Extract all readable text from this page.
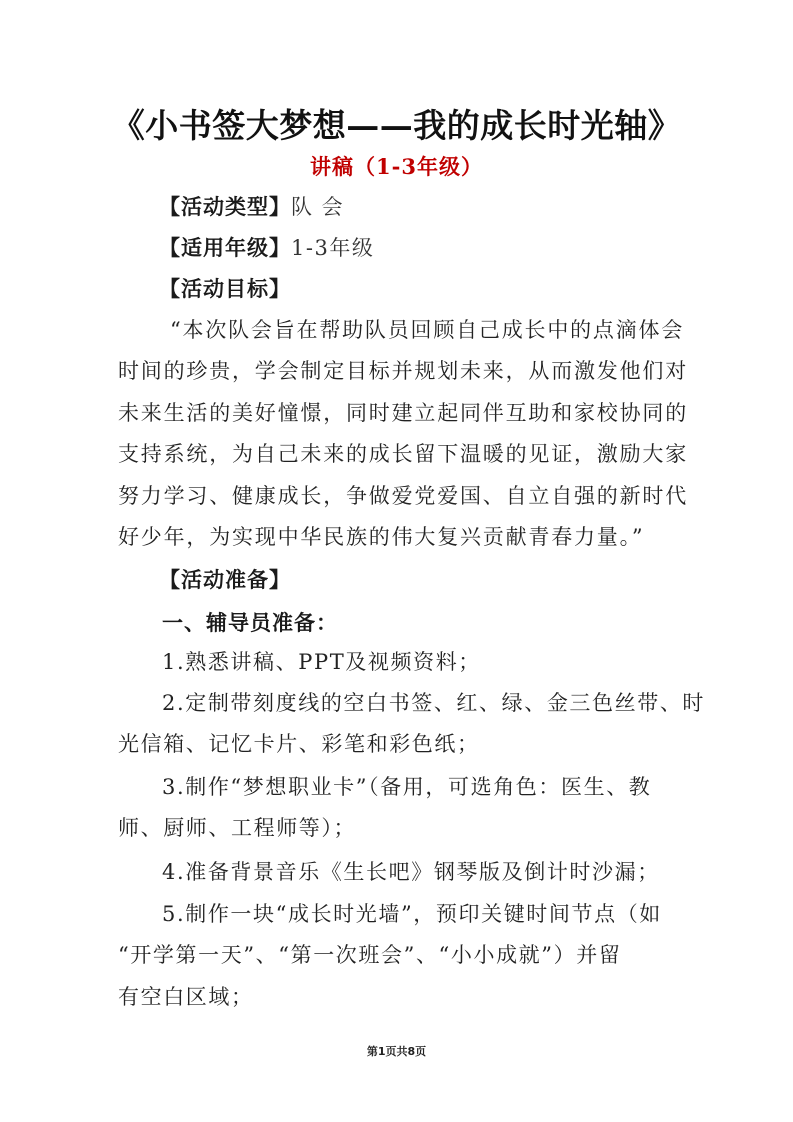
《小书签大梦想——我的成长时光轴》
讲稿（1-3年级）
【活动类型】队 会
【适用年级】1-3年级
【活动目标】
“本次队会旨在帮助队员回顾自己成长中的点滴体会
时间的珍贵，学会制定目标并规划未来，从而激发他们对
未来生活的美好憧憬，同时建立起同伴互助和家校协同的
支持系统，为自己未来的成长留下温暖的见证，激励大家
努力学习、健康成长，争做爱党爱国、自立自强的新时代
好少年，为实现中华民族的伟大复兴贡献青春力量。”
【活动准备】
一、辅导员准备：
1.熟悉讲稿、PPT及视频资料；
2.定制带刻度线的空白书签、红、绿、金三色丝带、时
光信箱、记忆卡片、彩笔和彩色纸；
3.制作“梦想职业卡”（备用，可选角色：医生、教
师、厨师、工程师等）；
4.准备背景音乐《生长吧》钢琴版及倒计时沙漏；
5.制作一块“成长时光墙”，预印关键时间节点（如
“开学第一天”、“第一次班会”、“小小成就”）并留
有空白区域；
第1页共8页
